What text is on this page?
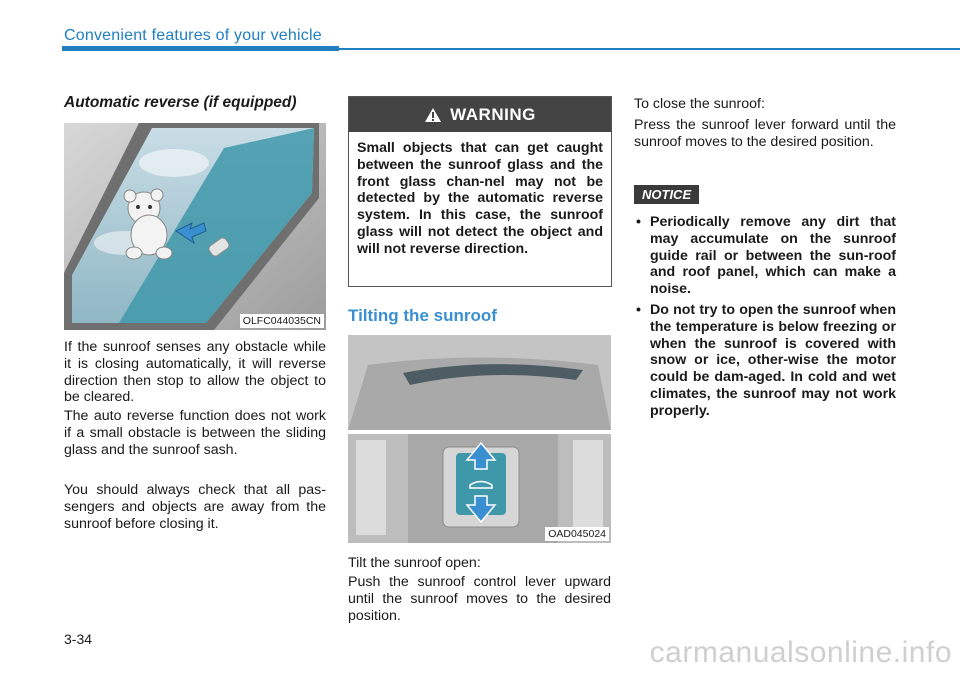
Convenient features of your vehicle
Automatic reverse (if equipped)
OLFC044035CN
If the sunroof senses any obstacle while it is closing automatically, it will reverse direction then stop to allow the object to be cleared.
The auto reverse function does not work if a small obstacle is between the sliding glass and the sunroof sash.
You should always check that all pas-sengers and objects are away from the sunroof before closing it.
WARNING
Small objects that can get caught between the sunroof glass and the front glass chan-nel may not be detected by the automatic reverse system. In this case, the sunroof glass will not detect the object and will not reverse direction.
Tilting the sunroof
OAD045024
Tilt the sunroof open:
Push the sunroof control lever upward until the sunroof moves to the desired position.
To close the sunroof:
Press the sunroof lever forward until the sunroof moves to the desired position.
NOTICE
• Periodically remove any dirt that may accumulate on the sunroof guide rail or between the sun-roof and roof panel, which can make a noise.
• Do not try to open the sunroof when the temperature is below freezing or when the sunroof is covered with snow or ice, other-wise the motor could be dam-aged. In cold and wet climates, the sunroof may not work properly.
3-34	carmanualsonline.info
